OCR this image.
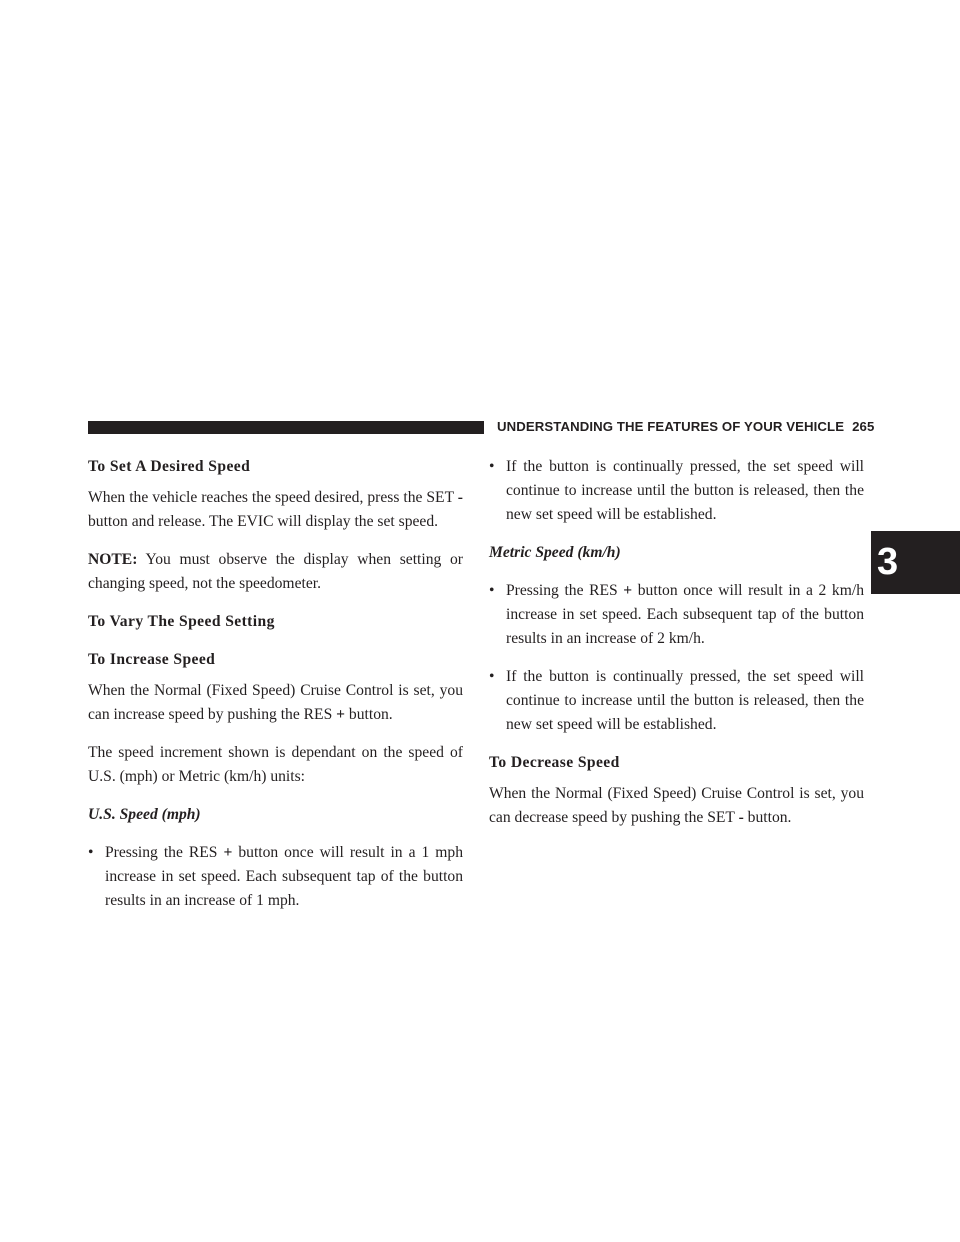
UNDERSTANDING THE FEATURES OF YOUR VEHICLE 265
3
To Set A Desired Speed

When the vehicle reaches the speed desired, press the SET - button and release. The EVIC will display the set speed.

NOTE: You must observe the display when setting or changing speed, not the speedometer.

To Vary The Speed Setting
To Increase Speed

When the Normal (Fixed Speed) Cruise Control is set, you can increase speed by pushing the RES + button.

The speed increment shown is dependant on the speed of U.S. (mph) or Metric (km/h) units:

U.S. Speed (mph)
• Pressing the RES + button once will result in a 1 mph increase in set speed. Each subsequent tap of the button results in an increase of 1 mph.
• If the button is continually pressed, the set speed will continue to increase until the button is released, then the new set speed will be established.
Metric Speed (km/h)
• Pressing the RES + button once will result in a 2 km/h increase in set speed. Each subsequent tap of the button results in an increase of 2 km/h.
• If the button is continually pressed, the set speed will continue to increase until the button is released, then the new set speed will be established.
To Decrease Speed

When the Normal (Fixed Speed) Cruise Control is set, you can decrease speed by pushing the SET - button.
